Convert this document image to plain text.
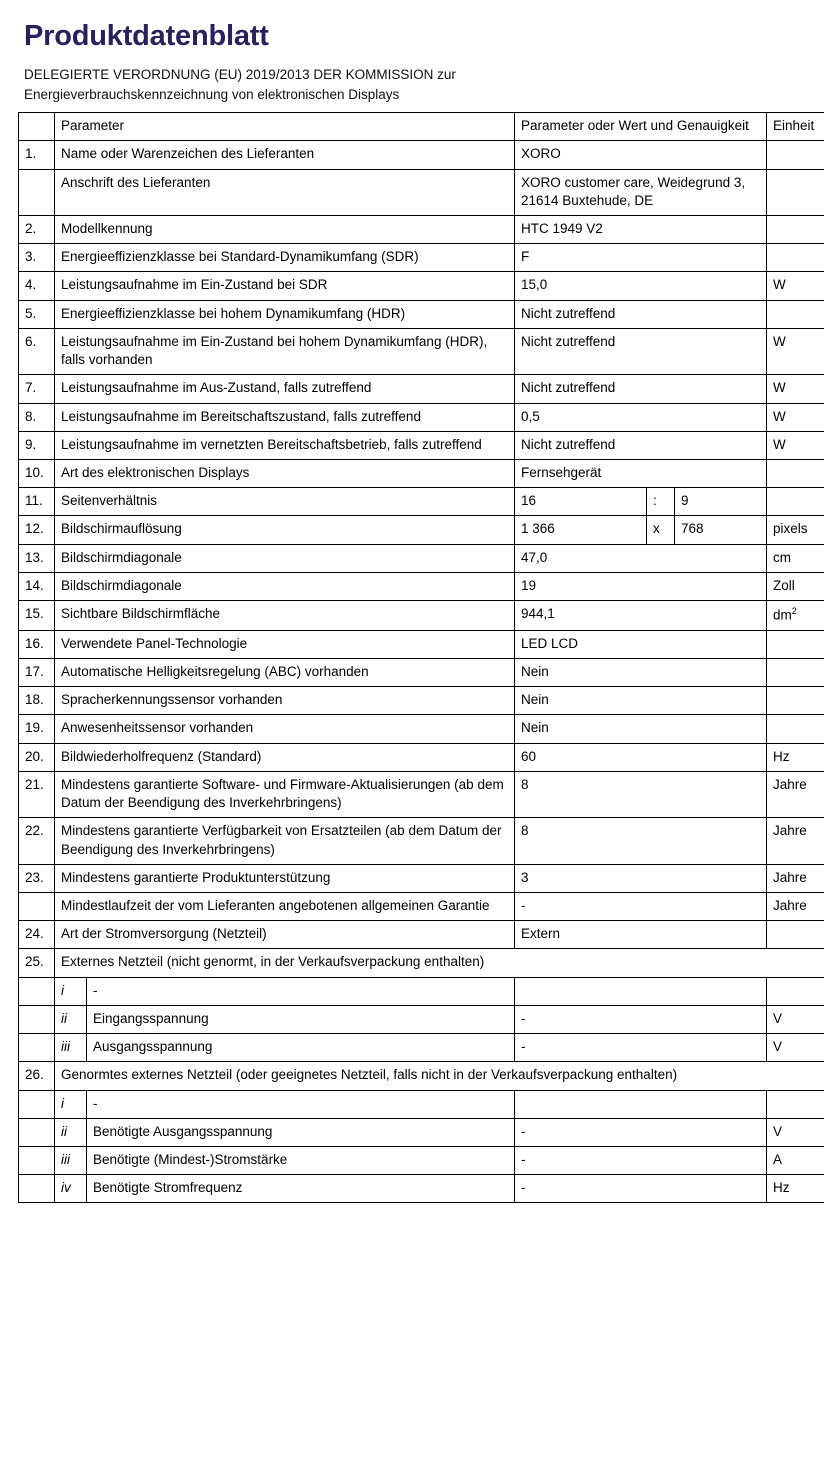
Produktdatenblatt
DELEGIERTE VERORDNUNG (EU) 2019/2013 DER KOMMISSION zur
Energieverbrauchskennzeichnung von elektronischen Displays
	Parameter		Parameter oder Wert und Genauigkeit			Einheit
1.	Name oder Warenzeichen des Lieferanten		XORO			
	Anschrift des Lieferanten		XORO customer care, Weidegrund 3, 21614 Buxtehude, DE			
2.	Modellkennung		HTC 1949 V2			
3.	Energieeffizienzklasse bei Standard-Dynamikumfang (SDR)		F			
4.	Leistungsaufnahme im Ein-Zustand bei SDR		15,0			W
5.	Energieeffizienzklasse bei hohem Dynamikumfang (HDR)		Nicht zutreffend			
6.	Leistungsaufnahme im Ein-Zustand bei hohem Dynamikumfang (HDR), falls vorhanden		Nicht zutreffend			W
7.	Leistungsaufnahme im Aus-Zustand, falls zutreffend		Nicht zutreffend			W
8.	Leistungsaufnahme im Bereitschaftszustand, falls zutreffend		0,5			W
9.	Leistungsaufnahme im vernetzten Bereitschaftsbetrieb, falls zutreffend		Nicht zutreffend			W
10.	Art des elektronischen Displays		Fernsehgerät			
11.	Seitenverhältnis		16	:	9	
12.	Bildschirmauflösung		1 366	x	768	pixels
13.	Bildschirmdiagonale		47,0			cm
14.	Bildschirmdiagonale		19			Zoll
15.	Sichtbare Bildschirmfläche		944,1			$dm^2$
16.	Verwendete Panel-Technologie		LED LCD			
17.	Automatische Helligkeitsregelung (ABC) vorhanden		Nein			
18.	Spracherkennungssensor vorhanden		Nein			
19.	Anwesenheitssensor vorhanden		Nein			
20.	Bildwiederholfrequenz (Standard)		60			Hz
21.	Mindestens garantierte Software- und Firmware-Aktualisierungen (ab dem Datum der Beendigung des Inverkehrbringens)		8			Jahre
22.	Mindestens garantierte Verfügbarkeit von Ersatzteilen (ab dem Datum der Beendigung des Inverkehrbringens)		8			Jahre
23.	Mindestens garantierte Produktunterstützung		3			Jahre
	Mindestlaufzeit der vom Lieferanten angebotenen allgemeinen Garantie		-			Jahre
24.	Art der Stromversorgung (Netzteil)		Extern			
25.	Externes Netzteil (nicht genormt, in der Verkaufsverpackung enthalten)					
	i	-				
	ii	Eingangsspannung	-			V
	iii	Ausgangsspannung	-			V
26.	Genormtes externes Netzteil (oder geeignetes Netzteil, falls nicht in der Verkaufsverpackung enthalten)					
	i	-				
	ii	Benötigte Ausgangsspannung	-			V
	iii	Benötigte (Mindest-)Stromstärke	-			A
	iv	Benötigte Stromfrequenz	-			Hz
